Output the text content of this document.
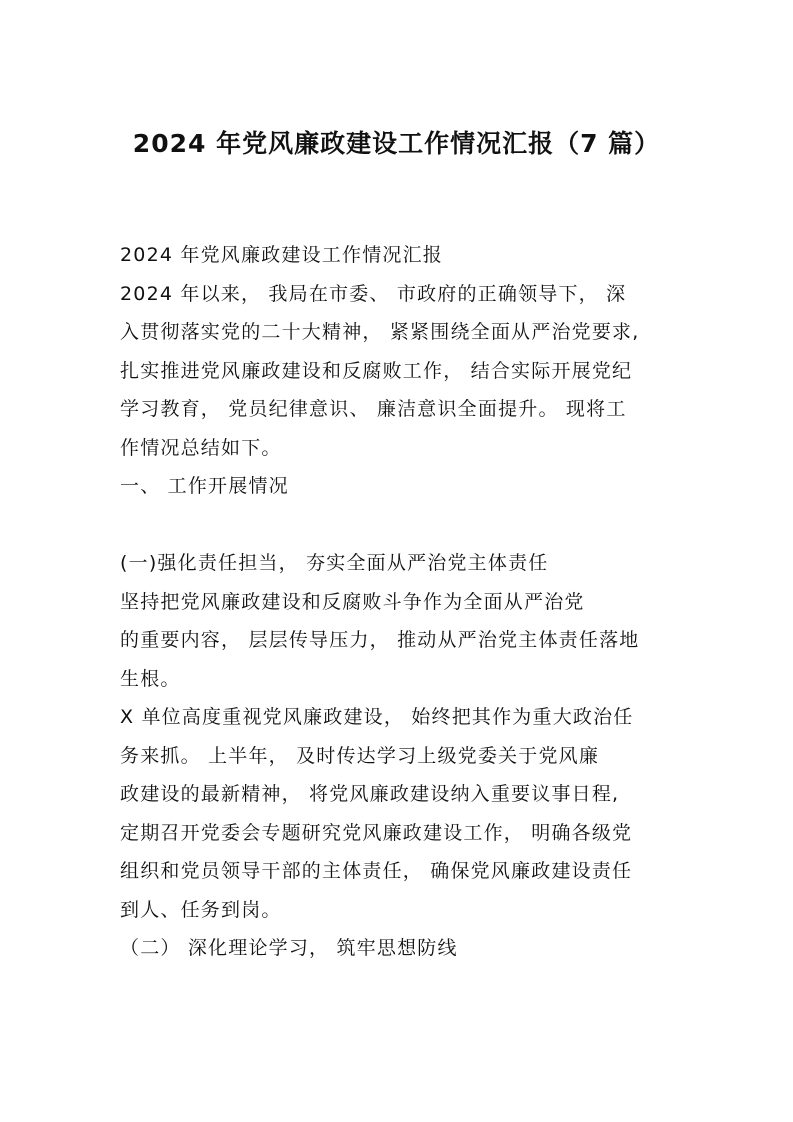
2024 年党风廉政建设工作情况汇报（7 篇）
2024 年党风廉政建设工作情况汇报
2024 年以来， 我局在市委、 市政府的正确领导下， 深
入贯彻落实党的二十大精神， 紧紧围绕全面从严治党要求,
扎实推进党风廉政建设和反腐败工作， 结合实际开展党纪
学习教育， 党员纪律意识、 廉洁意识全面提升。 现将工
作情况总结如下。
一、 工作开展情况
(一)强化责任担当， 夯实全面从严治党主体责任
坚持把党风廉政建设和反腐败斗争作为全面从严治党
的重要内容， 层层传导压力， 推动从严治党主体责任落地
生根。
X 单位高度重视党风廉政建设， 始终把其作为重大政治任
务来抓。 上半年， 及时传达学习上级党委关于党风廉
政建设的最新精神， 将党风廉政建设纳入重要议事日程,
定期召开党委会专题研究党风廉政建设工作， 明确各级党
组织和党员领导干部的主体责任， 确保党风廉政建设责任
到人、任务到岗。
（二） 深化理论学习， 筑牢思想防线
